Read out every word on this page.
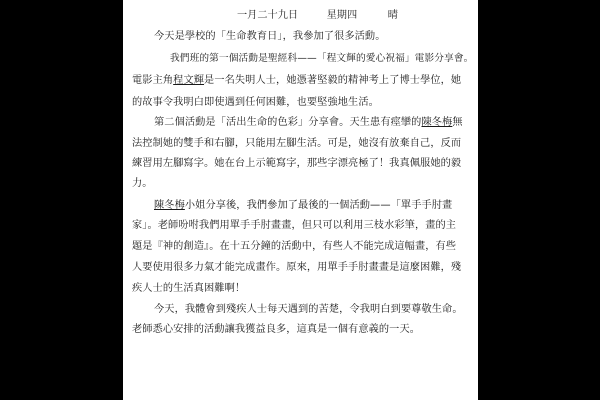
一月二十九日	星期四	晴
今天是學校的「生命教育日」，我參加了很多活動。
我們班的第一個活動是聖經科——「程文輝的愛心祝福」電影分享會。
電影主角程文輝是一名失明人士，她憑著堅毅的精神考上了博士學位，她
的故事令我明白即使遇到任何困難，也要堅強地生活。
第二個活動是「活出生命的色彩」分享會。天生患有痙攣的陳冬梅無
法控制她的雙手和右腳，只能用左腳生活。可是，她沒有放棄自己，反而
練習用左腳寫字。她在台上示範寫字，那些字漂亮極了！我真佩服她的毅
力。
陳冬梅小姐分享後，我們參加了最後的一個活動——「單手手肘畫
家」。老師吩咐我們用單手手肘畫畫，但只可以利用三枝水彩筆，畫的主
題是『神的創造』。在十五分鐘的活動中，有些人不能完成這幅畫，有些
人要使用很多力氣才能完成畫作。原來，用單手手肘畫畫是這麼困難，殘
疾人士的生活真困難啊！
今天，我體會到殘疾人士每天遇到的苦楚，令我明白到要尊敬生命。
老師悉心安排的活動讓我獲益良多，這真是一個有意義的一天。
